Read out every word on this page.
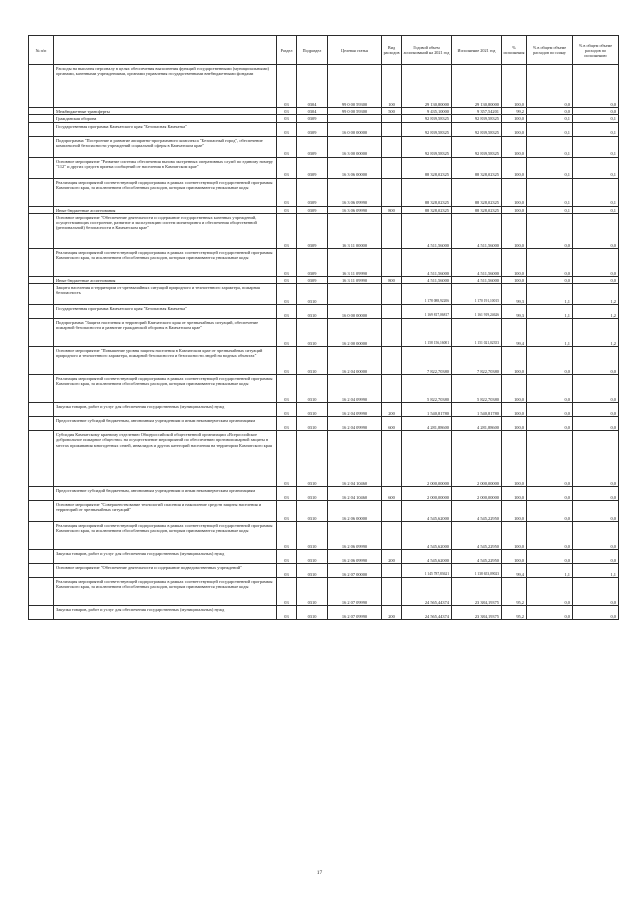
№ п/п		Раздел	Подраздел	Целевая статья	Вид расходов	Годовой объем ассигнований на 2021 год	Исполнение 2021 год	% исполнения	% в общем объеме расходов по плану	% в общем объеме расходов по исполнению
	Расходы на выплаты персоналу в целях обеспечения выполнения функций государственными (муниципальными) органами, казенными учреждениями, органами управления государственными внебюджетными фондами	03	0304	99 0 00 59300	100	29 130,80000	29 130,80000	100,0	0,0	0,0
	Межбюджетные трансферты	03	0304	99 0 00 59300	500	9 435,10000	9 357,54201	99,2	0,0	0,0
	Гражданская оборона	03	0309			92 839,58325	92 839,58325	100,0	0,1	0,1
	Государственная программа Камчатского края "Безопасная Камчатка"	03	0309	16 0 00 00000		92 839,58325	92 839,58325	100,0	0,1	0,1
	Подпрограмма "Построение и развитие аппаратно-программного комплекса "Безопасный город", обеспечение комплексной безопасности учреждений социальной сферы в Камчатском крае"	03	0309	16 3 00 00000		92 839,58325	92 839,58325	100,0	0,1	0,1
	Основное мероприятие "Развитие системы обеспечения вызова экстренных оперативных служб по единому номеру "112" и других средств приема сообщений от населения в Камчатском крае"	03	0309	16 3 06 00000		88 328,02325	88 328,02325	100,0	0,1	0,1
	Реализация мероприятий соответствующей подпрограммы в рамках соответствующей государственной программы Камчатского края, за исключением обособленных расходов, которым присваиваются уникальные коды	03	0309	16 3 06 09990		88 328,02325	88 328,02325	100,0	0,1	0,1
	Иные бюджетные ассигнования	03	0309	16 3 06 09990	800	88 328,02325	88 328,02325	100,0	0,1	0,1
	Основное мероприятие "Обеспечение деятельности и содержание государственных казенных учреждений, осуществляющих построение, развитие и эксплуатацию систем мониторинга и обеспечения общественной (региональной) безопасности в Камчатском крае"	03	0309	16 3 11 00000		4 511,56000	4 511,56000	100,0	0,0	0,0
	Реализация мероприятий соответствующей подпрограммы в рамках соответствующей государственной программы Камчатского края, за исключением обособленных расходов, которым присваиваются уникальные коды	03	0309	16 3 11 09990		4 511,56000	4 511,56000	100,0	0,0	0,0
	Иные бюджетные ассигнования	03	0309	16 3 11 09990	800	4 511,56000	4 511,56000	100,0	0,0	0,0
	Защита населения и территории от чрезвычайных ситуаций природного и техногенного характера, пожарная безопасность	03	0310			1 178 088,92206	1 170 191,10015	99,3	1,1	1,2
	Государственная программа Камчатского края "Безопасная Камчатка"	03	0310	16 0 00 00000		1 169 817,06817	1 161 919,24626	99,3	1,1	1,2
	Подпрограмма "Защита населения и территорий Камчатского края от чрезвычайных ситуаций, обеспечение пожарной безопасности и развитие гражданской обороны в Камчатском крае"	03	0310	16 2 00 00000		1 158 156,16001	1 151 021,02353	99,4	1,1	1,2
	Основное мероприятие "Повышение уровня защиты населения в Камчатском крае от чрезвычайных ситуаций природного и техногенного характера, пожарной безопасности и безопасности людей на водных объектах"	03	0310	16 2 04 00000		7 822,70380	7 822,70380	100,0	0,0	0,0
	Реализация мероприятий соответствующей подпрограммы в рамках соответствующей государственной программы Камчатского края, за исключением обособленных расходов, которым присваиваются уникальные коды	03	0310	16 2 04 09990		5 822,70380	5 822,70380	100,0	0,0	0,0
	Закупка товаров, работ и услуг для обеспечения государственных (муниципальных) нужд	03	0310	16 2 04 09990	200	1 540,81780	1 540,81780	100,0	0,0	0,0
	Предоставление субсидий бюджетным, автономным учреждениям и иным некоммерческим организациям	03	0310	16 2 04 09990	600	4 281,88600	4 281,88600	100,0	0,0	0,0
	Субсидия Камчатскому краевому отделению Общероссийской общественной организации «Всероссийское добровольное пожарное общество» на осуществление мероприятий по обеспечению противопожарной защиты в местах проживания многодетных семей, инвалидов и других категорий населения на территории Камчатского края	03	0310	16 2 04 10460		2 000,00000	2 000,00000	100,0	0,0	0,0
	Предоставление субсидий бюджетным, автономным учреждениям и иным некоммерческим организациям	03	0310	16 2 04 10460	600	2 000,00000	2 000,00000	100,0	0,0	0,0
	Основное мероприятие "Совершенствование технологий спасения и накопление средств защиты населения и территорий от чрезвычайных ситуаций"	03	0310	16 2 06 00000		4 545,62000	4 545,22950	100,0	0,0	0,0
	Реализация мероприятий соответствующей подпрограммы в рамках соответствующей государственной программы Камчатского края, за исключением обособленных расходов, которым присваиваются уникальные коды	03	0310	16 2 06 09990		4 545,62000	4 545,22950	100,0	0,0	0,0
	Закупка товаров, работ и услуг для обеспечения государственных (муниципальных) нужд	03	0310	16 2 06 09990	200	4 545,62000	4 545,22950	100,0	0,0	0,0
	Основное мероприятие "Обеспечение деятельности и содержание подведомственных учреждений"	03	0310	16 2 07 00000		1 145 787,83621	1 138 653,09023	99,4	1,1	1,1
	Реализация мероприятий соответствующей подпрограммы в рамках соответствующей государственной программы Камчатского края, за исключением обособленных расходов, которым присваиваются уникальные коды	03	0310	16 2 07 09990		24 565,44374	23 384,19375	95,2	0,0	0,0
	Закупка товаров, работ и услуг для обеспечения государственных (муниципальных) нужд	03	0310	16 2 07 09990	200	24 565,44374	23 384,19375	95,2	0,0	0,0
17
